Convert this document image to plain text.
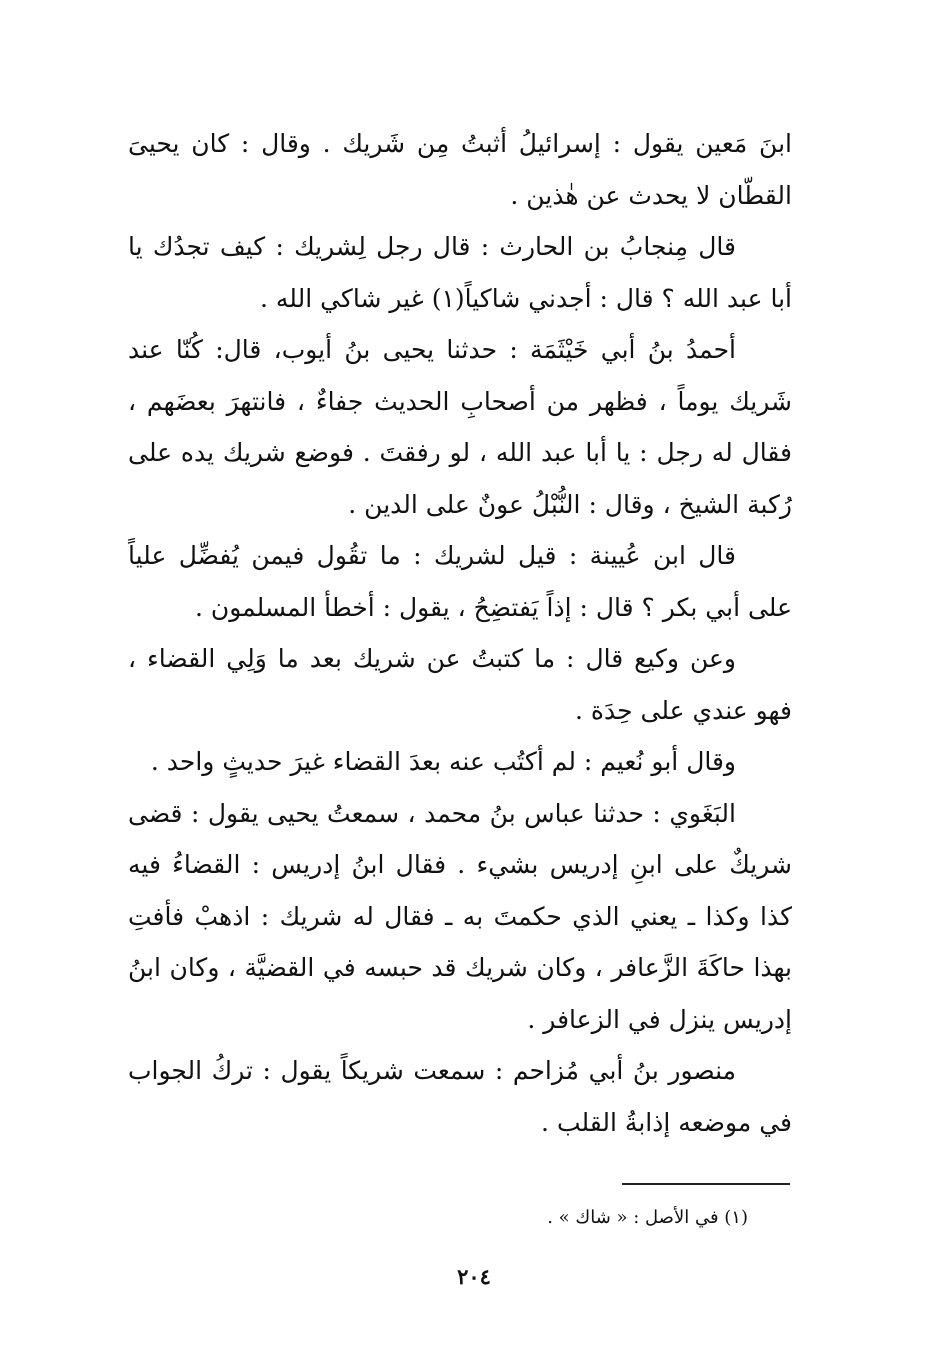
ابنَ مَعين يقول : إسرائيلُ أثبتُ مِن شَريك . وقال : كان يحيىَ القطّان لا يحدث عن هٰذين .

قال مِنجابُ بن الحارث : قال رجل لِشريك : كيف تجدُك يا أبا عبد الله ؟ قال : أجدني شاكياً(١) غير شاكي الله .

أحمدُ بنُ أبي خَيْثَمَة : حدثنا يحيى بنُ أيوب، قال: كُنّا عند شَريك يوماً ، فظهر من أصحابِ الحديث جفاءٌ ، فانتهرَ بعضَهم ، فقال له رجل : يا أبا عبد الله ، لو رفقتَ . فوضع شريك يده على رُكبة الشيخ ، وقال : النُّبْلُ عونٌ على الدين .

قال ابن عُيينة : قيل لشريك : ما تقُول فيمن يُفضِّل علياً على أبي بكر ؟ قال : إذاً يَفتضِحُ ، يقول : أخطأ المسلمون .

وعن وكيع قال : ما كتبتُ عن شريك بعد ما وَلِي القضاء ، فهو عندي على حِدَة .

وقال أبو نُعيم : لم أكتُب عنه بعدَ القضاء غيرَ حديثٍ واحد .

البَغَوي : حدثنا عباس بنُ محمد ، سمعتُ يحيى يقول : قضى شريكٌ على ابنِ إدريس بشيء . فقال ابنُ إدريس : القضاءُ فيه كذا وكذا ـ يعني الذي حكمتَ به ـ فقال له شريك : اذهبْ فأفتِ بهذا حاكَةَ الزَّعافر ، وكان شريك قد حبسه في القضيَّة ، وكان ابنُ إدريس ينزل في الزعافر .

منصور بنُ أبي مُزاحم : سمعت شريكاً يقول : تركُ الجواب في موضعه إذابةُ القلب .

(١) في الأصل : « شاك » .
٢٠٤
